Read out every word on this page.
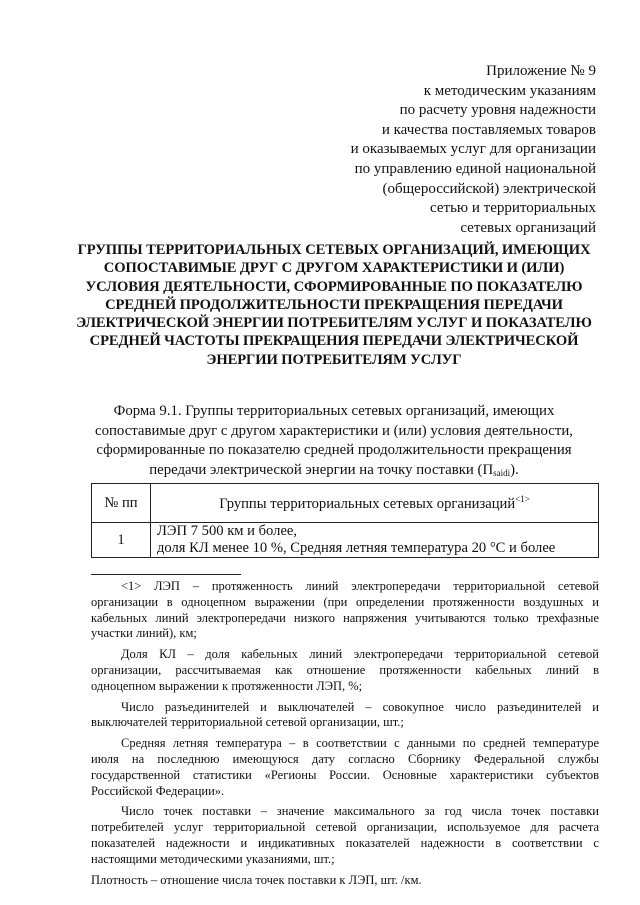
Приложение № 9
к методическим указаниям
по расчету уровня надежности
и качества поставляемых товаров
и оказываемых услуг для организации
по управлению единой национальной
(общероссийской) электрической
сетью и территориальных
сетевых организаций
ГРУППЫ ТЕРРИТОРИАЛЬНЫХ СЕТЕВЫХ ОРГАНИЗАЦИЙ, ИМЕЮЩИХ
СОПОСТАВИМЫЕ ДРУГ С ДРУГОМ ХАРАКТЕРИСТИКИ И (ИЛИ)
УСЛОВИЯ ДЕЯТЕЛЬНОСТИ, СФОРМИРОВАННЫЕ ПО ПОКАЗАТЕЛЮ
СРЕДНЕЙ ПРОДОЛЖИТЕЛЬНОСТИ ПРЕКРАЩЕНИЯ ПЕРЕДАЧИ
ЭЛЕКТРИЧЕСКОЙ ЭНЕРГИИ ПОТРЕБИТЕЛЯМ УСЛУГ И ПОКАЗАТЕЛЮ
СРЕДНЕЙ ЧАСТОТЫ ПРЕКРАЩЕНИЯ ПЕРЕДАЧИ ЭЛЕКТРИЧЕСКОЙ
ЭНЕРГИИ ПОТРЕБИТЕЛЯМ УСЛУГ
Форма 9.1. Группы территориальных сетевых организаций, имеющих
сопоставимые друг с другом характеристики и (или) условия деятельности,
сформированные по показателю средней продолжительности прекращения
передачи электрической энергии на точку поставки $(П_{saidi})$.
№ пп	Группы территориальных сетевых организаций$^{<1>}$
1	ЛЭП 7 500 км и более,
доля КЛ менее 10 %, Средняя летняя температура 20 °С и более

<1> ЛЭП – протяженность линий электропередачи территориальной сетевой
организации в одноцепном выражении (при определении протяженности воздушных и
кабельных линий электропередачи низкого напряжения учитываются только трехфазные
участки линий), км;

Доля КЛ – доля кабельных линий электропередачи территориальной сетевой
организации, рассчитываемая как отношение протяженности кабельных линий в
одноцепном выражении к протяженности ЛЭП, %;

Число разъединителей и выключателей – совокупное число разъединителей и
выключателей территориальной сетевой организации, шт.;

Средняя летняя температура – в соответствии с данными по средней температуре
июля на последнюю имеющуюся дату согласно Сборнику Федеральной службы
государственной статистики «Регионы России. Основные характеристики субъектов
Российской Федерации».

Число точек поставки – значение максимального за год числа точек поставки
потребителей услуг территориальной сетевой организации, используемое для расчета
показателей надежности и индикативных показателей надежности в соответствии с
настоящими методическими указаниями, шт.;

Плотность – отношение числа точек поставки к ЛЭП, шт. /км.
